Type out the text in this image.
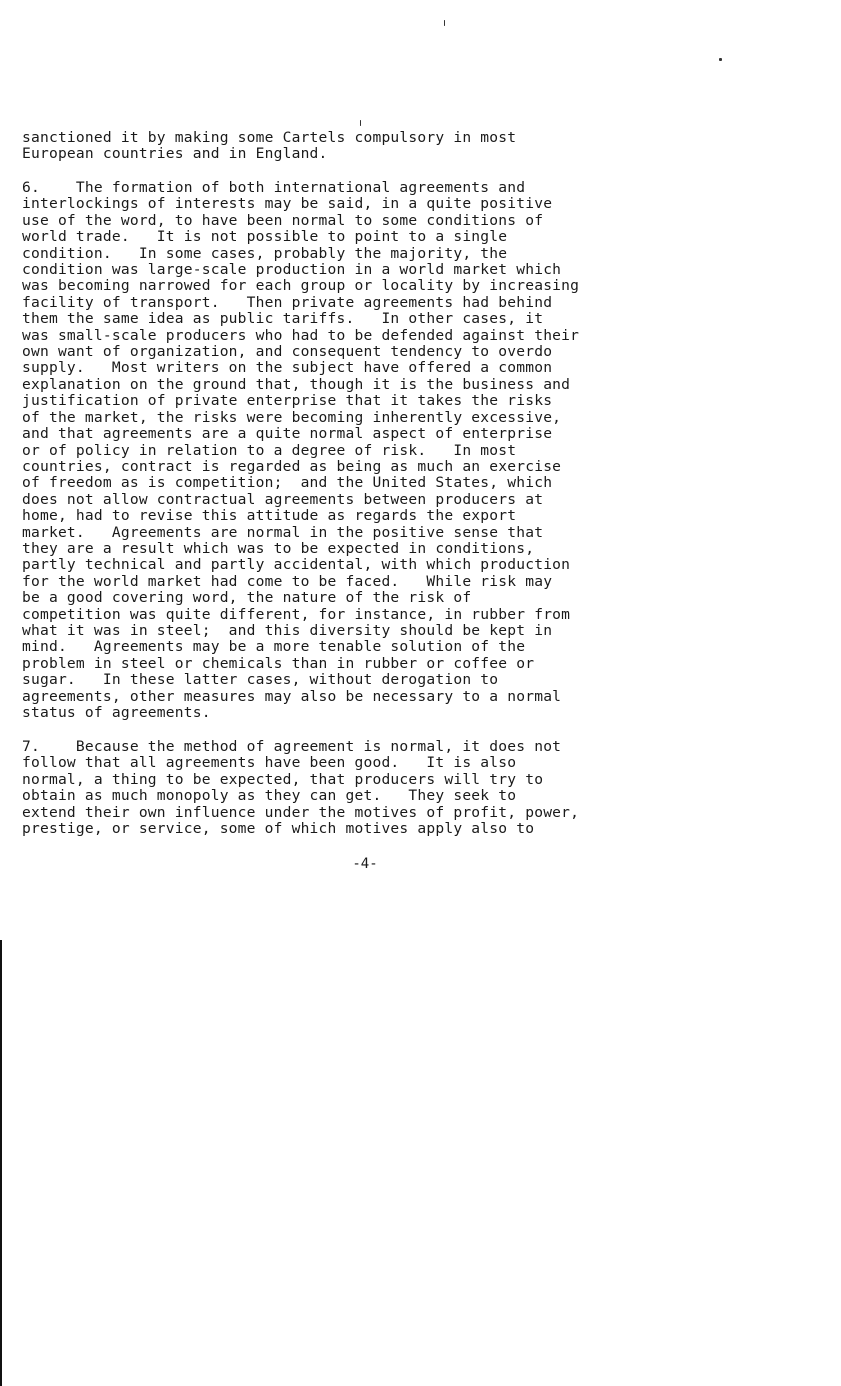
sanctioned it by making some Cartels compulsory in most
European countries and in England.

6.    The formation of both international agreements and
interlockings of interests may be said, in a quite positive
use of the word, to have been normal to some conditions of
world trade.   It is not possible to point to a single
condition.   In some cases, probably the majority, the
condition was large-scale production in a world market which
was becoming narrowed for each group or locality by increasing
facility of transport.   Then private agreements had behind
them the same idea as public tariffs.   In other cases, it
was small-scale producers who had to be defended against their
own want of organization, and consequent tendency to overdo
supply.   Most writers on the subject have offered a common
explanation on the ground that, though it is the business and
justification of private enterprise that it takes the risks
of the market, the risks were becoming inherently excessive,
and that agreements are a quite normal aspect of enterprise
or of policy in relation to a degree of risk.   In most
countries, contract is regarded as being as much an exercise
of freedom as is competition;  and the United States, which
does not allow contractual agreements between producers at
home, had to revise this attitude as regards the export
market.   Agreements are normal in the positive sense that
they are a result which was to be expected in conditions,
partly technical and partly accidental, with which production
for the world market had come to be faced.   While risk may
be a good covering word, the nature of the risk of
competition was quite different, for instance, in rubber from
what it was in steel;  and this diversity should be kept in
mind.   Agreements may be a more tenable solution of the
problem in steel or chemicals than in rubber or coffee or
sugar.   In these latter cases, without derogation to
agreements, other measures may also be necessary to a normal
status of agreements.

7.    Because the method of agreement is normal, it does not
follow that all agreements have been good.   It is also
normal, a thing to be expected, that producers will try to
obtain as much monopoly as they can get.   They seek to
extend their own influence under the motives of profit, power,
prestige, or service, some of which motives apply also to

-4-
